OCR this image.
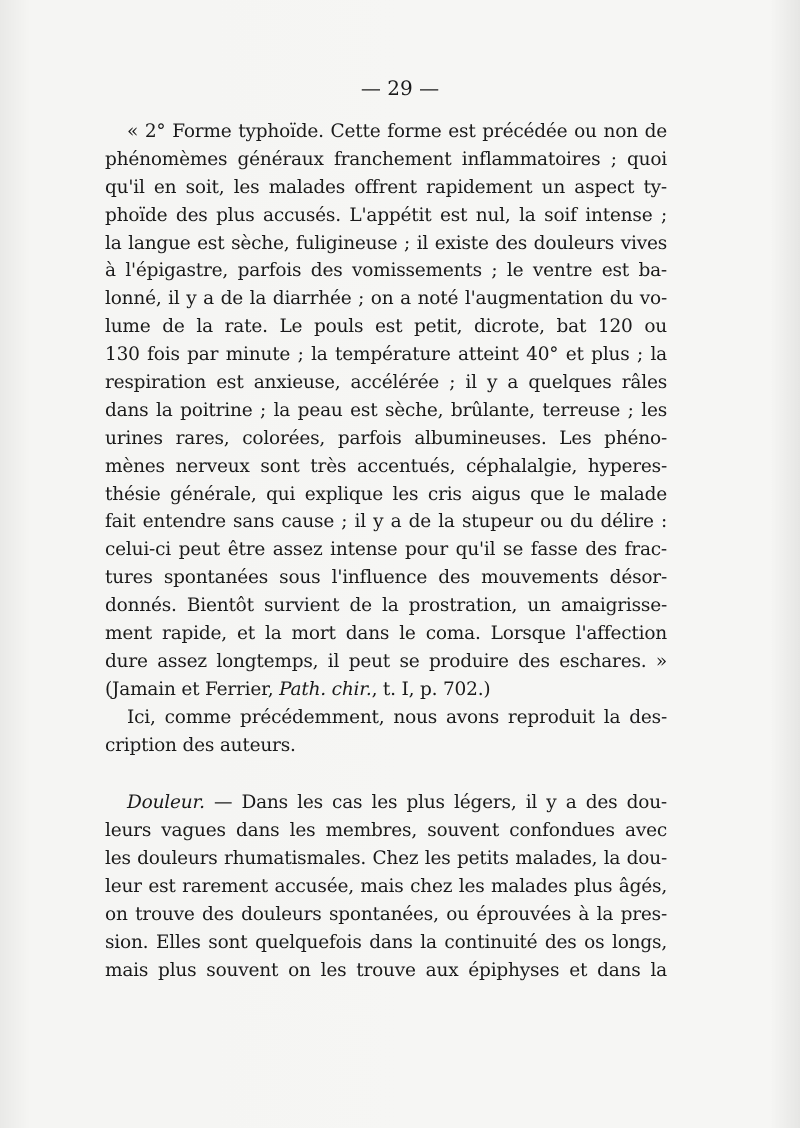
— 29 —
« 2° Forme typhoïde. Cette forme est précédée ou non de
phénomèmes généraux franchement inflammatoires ; quoi
qu'il en soit, les malades offrent rapidement un aspect ty-
phoïde des plus accusés. L'appétit est nul, la soif intense ;
la langue est sèche, fuligineuse ; il existe des douleurs vives
à l'épigastre, parfois des vomissements ; le ventre est ba-
lonné, il y a de la diarrhée ; on a noté l'augmentation du vo-
lume de la rate. Le pouls est petit, dicrote, bat 120 ou
130 fois par minute ; la température atteint 40° et plus ; la
respiration est anxieuse, accélérée ; il y a quelques râles
dans la poitrine ; la peau est sèche, brûlante, terreuse ; les
urines rares, colorées, parfois albumineuses. Les phéno-
mènes nerveux sont très accentués, céphalalgie, hyperes-
thésie générale, qui explique les cris aigus que le malade
fait entendre sans cause ; il y a de la stupeur ou du délire :
celui-ci peut être assez intense pour qu'il se fasse des frac-
tures spontanées sous l'influence des mouvements désor-
donnés. Bientôt survient de la prostration, un amaigrisse-
ment rapide, et la mort dans le coma. Lorsque l'affection
dure assez longtemps, il peut se produire des eschares. »
(Jamain et Ferrier, Path. chir., t. I, p. 702.)
Ici, comme précédemment, nous avons reproduit la des-
cription des auteurs.
Douleur. — Dans les cas les plus légers, il y a des dou-
leurs vagues dans les membres, souvent confondues avec
les douleurs rhumatismales. Chez les petits malades, la dou-
leur est rarement accusée, mais chez les malades plus âgés,
on trouve des douleurs spontanées, ou éprouvées à la pres-
sion. Elles sont quelquefois dans la continuité des os longs,
mais plus souvent on les trouve aux épiphyses et dans la
